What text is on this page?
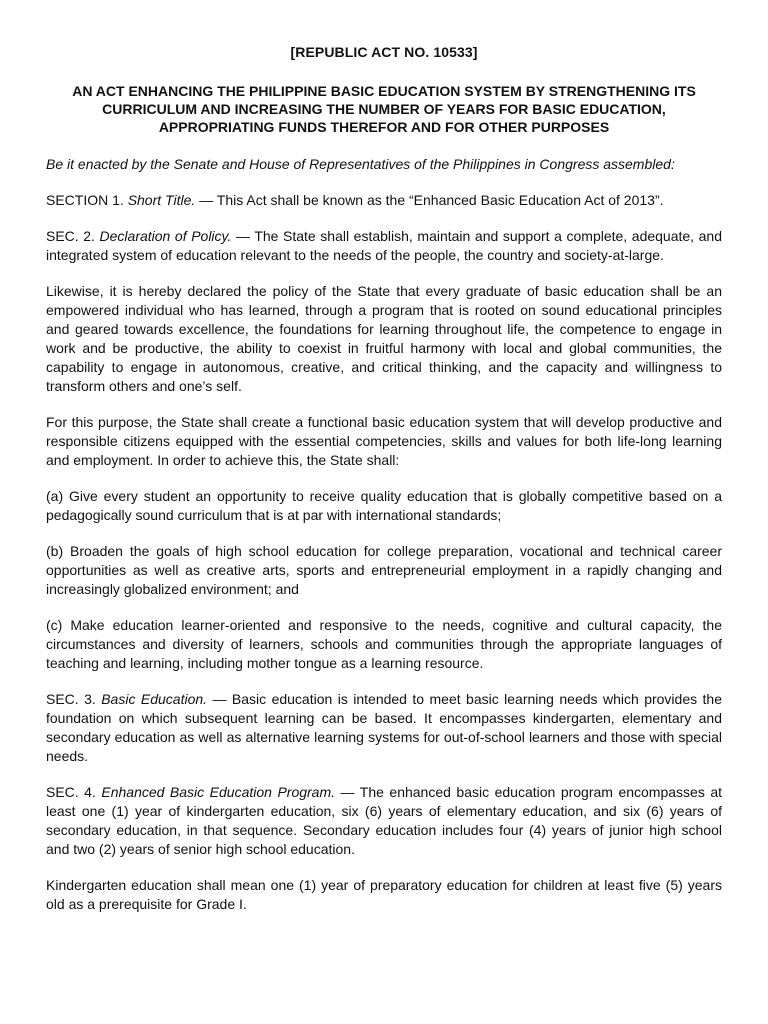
[REPUBLIC ACT NO. 10533]
AN ACT ENHANCING THE PHILIPPINE BASIC EDUCATION SYSTEM BY STRENGTHENING ITS CURRICULUM AND INCREASING THE NUMBER OF YEARS FOR BASIC EDUCATION, APPROPRIATING FUNDS THEREFOR AND FOR OTHER PURPOSES

Be it enacted by the Senate and House of Representatives of the Philippines in Congress assembled:

SECTION 1. Short Title. — This Act shall be known as the “Enhanced Basic Education Act of 2013”.

SEC. 2. Declaration of Policy. — The State shall establish, maintain and support a complete, adequate, and integrated system of education relevant to the needs of the people, the country and society-at-large.

Likewise, it is hereby declared the policy of the State that every graduate of basic education shall be an empowered individual who has learned, through a program that is rooted on sound educational principles and geared towards excellence, the foundations for learning throughout life, the competence to engage in work and be productive, the ability to coexist in fruitful harmony with local and global communities, the capability to engage in autonomous, creative, and critical thinking, and the capacity and willingness to transform others and one’s self.

For this purpose, the State shall create a functional basic education system that will develop productive and responsible citizens equipped with the essential competencies, skills and values for both life-long learning and employment. In order to achieve this, the State shall:

(a) Give every student an opportunity to receive quality education that is globally competitive based on a pedagogically sound curriculum that is at par with international standards;

(b) Broaden the goals of high school education for college preparation, vocational and technical career opportunities as well as creative arts, sports and entrepreneurial employment in a rapidly changing and increasingly globalized environment; and

(c) Make education learner-oriented and responsive to the needs, cognitive and cultural capacity, the circumstances and diversity of learners, schools and communities through the appropriate languages of teaching and learning, including mother tongue as a learning resource.

SEC. 3. Basic Education. — Basic education is intended to meet basic learning needs which provides the foundation on which subsequent learning can be based. It encompasses kindergarten, elementary and secondary education as well as alternative learning systems for out-of-school learners and those with special needs.

SEC. 4. Enhanced Basic Education Program. — The enhanced basic education program encompasses at least one (1) year of kindergarten education, six (6) years of elementary education, and six (6) years of secondary education, in that sequence. Secondary education includes four (4) years of junior high school and two (2) years of senior high school education.

Kindergarten education shall mean one (1) year of preparatory education for children at least five (5) years old as a prerequisite for Grade I.
